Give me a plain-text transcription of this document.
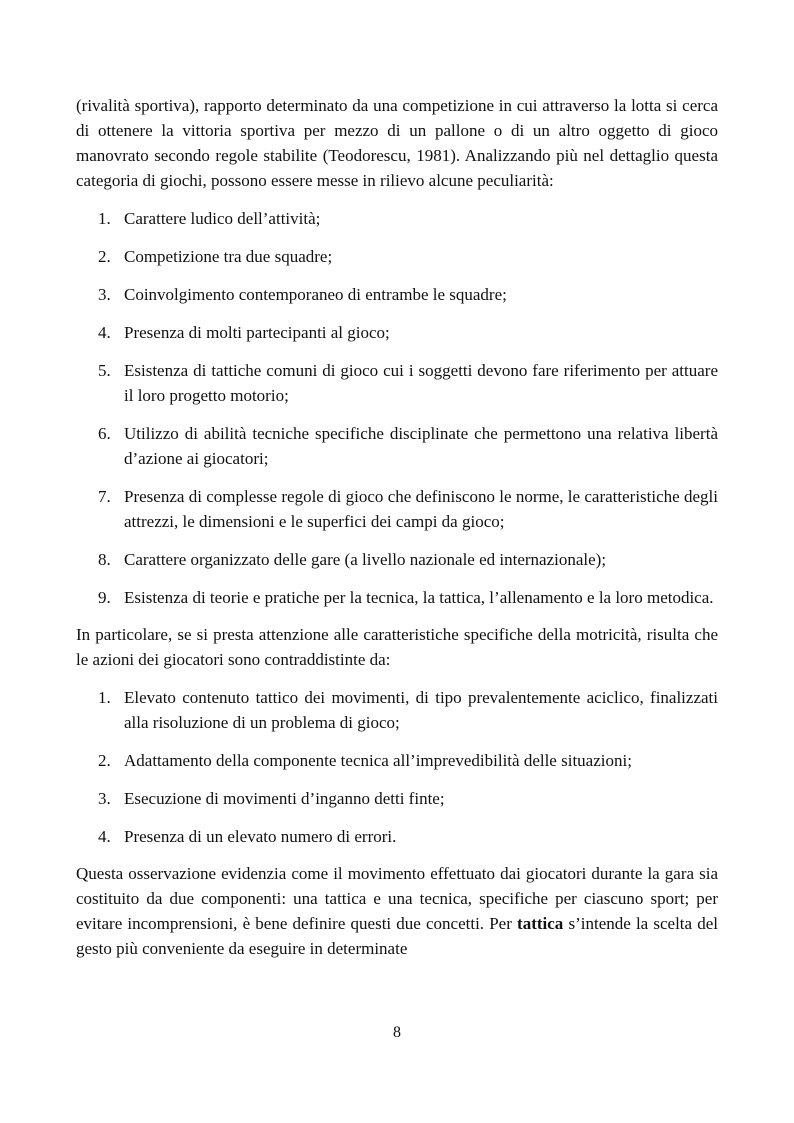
(rivalità sportiva), rapporto determinato da una competizione in cui attraverso la lotta si cerca di ottenere la vittoria sportiva per mezzo di un pallone o di un altro oggetto di gioco manovrato secondo regole stabilite (Teodorescu, 1981). Analizzando più nel dettaglio questa categoria di giochi, possono essere messe in rilievo alcune peculiarità:

1. Carattere ludico dell’attività;
2. Competizione tra due squadre;
3. Coinvolgimento contemporaneo di entrambe le squadre;
4. Presenza di molti partecipanti al gioco;
5. Esistenza di tattiche comuni di gioco cui i soggetti devono fare riferimento per attuare il loro progetto motorio;
6. Utilizzo di abilità tecniche specifiche disciplinate che permettono una relativa libertà d’azione ai giocatori;
7. Presenza di complesse regole di gioco che definiscono le norme, le caratteristiche degli attrezzi, le dimensioni e le superfici dei campi da gioco;
8. Carattere organizzato delle gare (a livello nazionale ed internazionale);
9. Esistenza di teorie e pratiche per la tecnica, la tattica, l’allenamento e la loro metodica.

In particolare, se si presta attenzione alle caratteristiche specifiche della motricità, risulta che le azioni dei giocatori sono contraddistinte da:

1. Elevato contenuto tattico dei movimenti, di tipo prevalentemente aciclico, finalizzati alla risoluzione di un problema di gioco;
2. Adattamento della componente tecnica all’imprevedibilità delle situazioni;
3. Esecuzione di movimenti d’inganno detti finte;
4. Presenza di un elevato numero di errori.

Questa osservazione evidenzia come il movimento effettuato dai giocatori durante la gara sia costituito da due componenti: una tattica e una tecnica, specifiche per ciascuno sport; per evitare incomprensioni, è bene definire questi due concetti. Per tattica s’intende la scelta del gesto più conveniente da eseguire in determinate

8
